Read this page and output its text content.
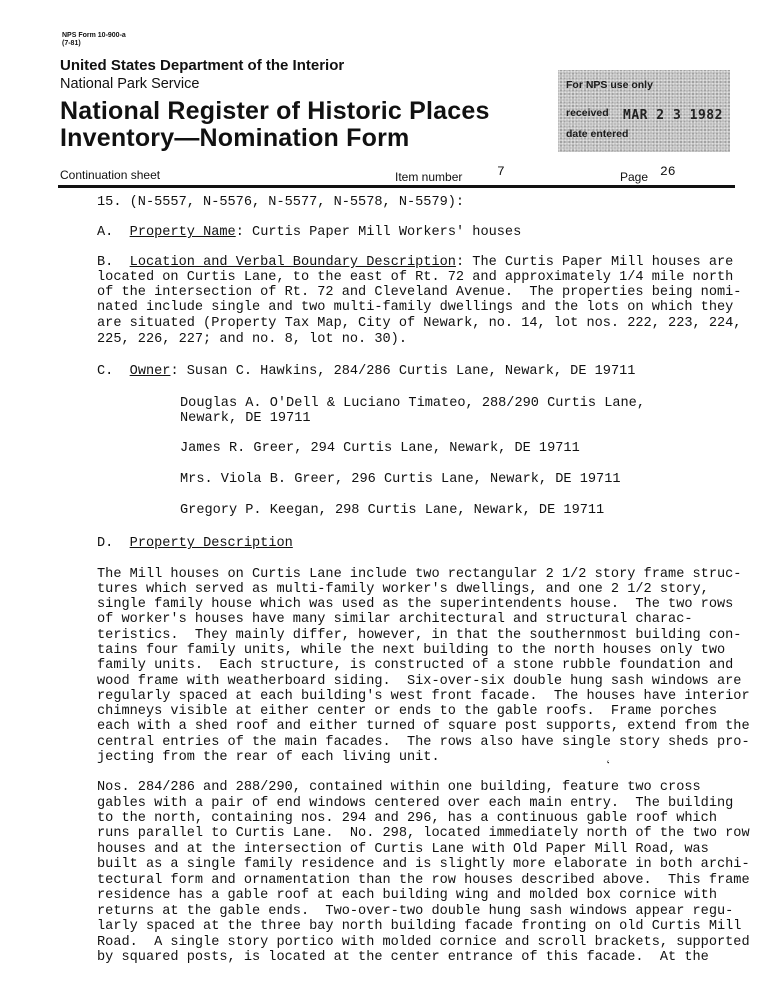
NPS Form 10-900-a
(7-81)
United States Department of the Interior
National Park Service
National Register of Historic Places
Inventory—Nomination Form
For NPS use only
received MAR 2 3 1982
date entered
Continuation sheet	Item number	7	Page 26
15. (N-5557, N-5576, N-5577, N-5578, N-5579):
A. Property Name: Curtis Paper Mill Workers' houses
B. Location and Verbal Boundary Description: The Curtis Paper Mill houses are
located on Curtis Lane, to the east of Rt. 72 and approximately 1/4 mile north
of the intersection of Rt. 72 and Cleveland Avenue.  The properties being nomi-
nated include single and two multi-family dwellings and the lots on which they
are situated (Property Tax Map, City of Newark, no. 14, lot nos. 222, 223, 224,
225, 226, 227; and no. 8, lot no. 30).
C. Owner: Susan C. Hawkins, 284/286 Curtis Lane, Newark, DE 19711
Douglas A. O'Dell & Luciano Timateo, 288/290 Curtis Lane,
Newark, DE 19711
James R. Greer, 294 Curtis Lane, Newark, DE 19711
Mrs. Viola B. Greer, 296 Curtis Lane, Newark, DE 19711
Gregory P. Keegan, 298 Curtis Lane, Newark, DE 19711
D. Property Description
The Mill houses on Curtis Lane include two rectangular 2 1/2 story frame struc-
tures which served as multi-family worker's dwellings, and one 2 1/2 story,
single family house which was used as the superintendents house.  The two rows
of worker's houses have many similar architectural and structural charac-
teristics.  They mainly differ, however, in that the southernmost building con-
tains four family units, while the next building to the north houses only two
family units.  Each structure, is constructed of a stone rubble foundation and
wood frame with weatherboard siding.  Six-over-six double hung sash windows are
regularly spaced at each building's west front facade.  The houses have interior
chimneys visible at either center or ends to the gable roofs.  Frame porches
each with a shed roof and either turned of square post supports, extend from the
central entries of the main facades.  The rows also have single story sheds pro-
jecting from the rear of each living unit.	‘
Nos. 284/286 and 288/290, contained within one building, feature two cross
gables with a pair of end windows centered over each main entry.  The building
to the north, containing nos. 294 and 296, has a continuous gable roof which
runs parallel to Curtis Lane.  No. 298, located immediately north of the two row
houses and at the intersection of Curtis Lane with Old Paper Mill Road, was
built as a single family residence and is slightly more elaborate in both archi-
tectural form and ornamentation than the row houses described above.  This frame
residence has a gable roof at each building wing and molded box cornice with
returns at the gable ends.  Two-over-two double hung sash windows appear regu-
larly spaced at the three bay north building facade fronting on old Curtis Mill
Road.  A single story portico with molded cornice and scroll brackets, supported
by squared posts, is located at the center entrance of this facade.  At the
